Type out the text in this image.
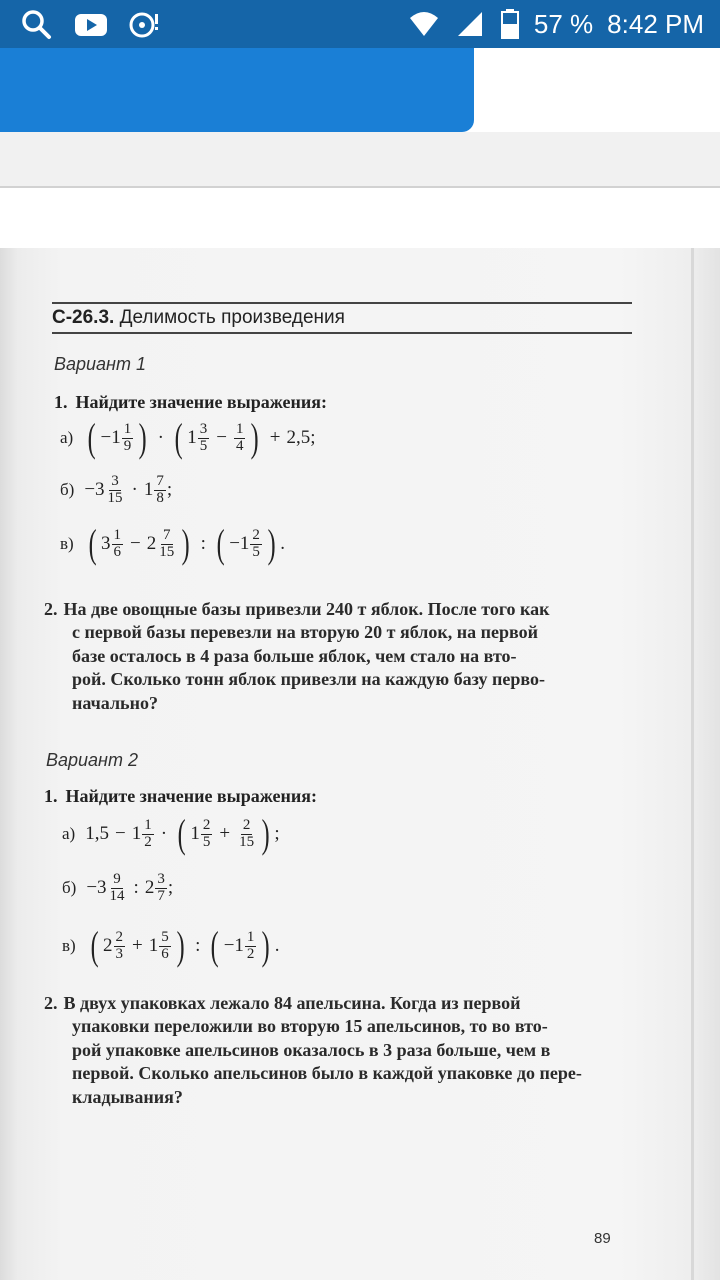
57 % 8:42 PM
С-26.3. Делимость произведения
Вариант 1
1. Найдите значение выражения:
а) ( $-1 \frac{1}{9}$ ) · ( $1 \frac{3}{5} - \frac{1}{4}$ ) + 2,5;
$б) -3 \frac{3}{15} \cdot 1 \frac{7}{8}$ ;
в) ( $3 \frac{1}{6} - 2 \frac{7}{15}$ ) : ( $-1 \frac{2}{5}$ ) .
2. На две овощные базы привезли 240 т яблок. После того как
с первой базы перевезли на вторую 20 т яблок, на первой
базе осталось в 4 раза больше яблок, чем стало на вто-
рой. Сколько тонн яблок привезли на каждую базу перво-
начально?
Вариант 2
1. Найдите значение выражения:
а) $1,5 - 1 \frac{1}{2}$ · ( $1 \frac{2}{5} + \frac{2}{15}$ ) ;
$б) -3 \frac{9}{14}$ : $2 \frac{3}{7}$ ;
в) ( $2 \frac{2}{3} + 1 \frac{5}{6}$ ) : ( $-1 \frac{1}{2}$ ) .
2. В двух упаковках лежало 84 апельсина. Когда из первой
упаковки переложили во вторую 15 апельсинов, то во вто-
рой упаковке апельсинов оказалось в 3 раза больше, чем в
первой. Сколько апельсинов было в каждой упаковке до пере-
кладывания?
89
